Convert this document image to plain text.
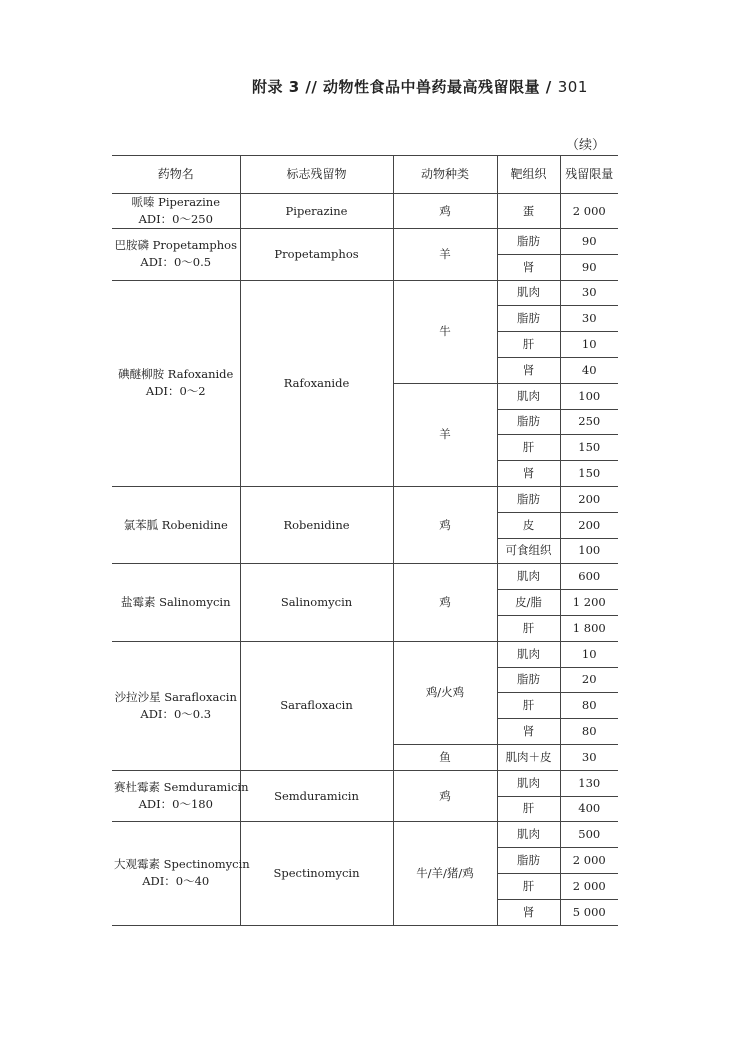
附录 3 // 动物性食品中兽药最高残留限量 / 301
（续）
药物名	标志残留物	动物种类	靶组织	残留限量

哌嗪 Piperazine
ADI：0～250	Piperazine	鸡	蛋	2 000

巴胺磷 Propetamphos
ADI：0～0.5	Propetamphos	羊	脂肪	90
			肾	90

碘醚柳胺 Rafoxanide
ADI：0～2	Rafoxanide	牛	肌肉	30
			脂肪	30
			肝	10
			肾	40
		羊	肌肉	100
			脂肪	250
			肝	150
			肾	150

氯苯胍 Robenidine	Robenidine	鸡	脂肪	200
			皮	200
			可食组织	100

盐霉素 Salinomycin	Salinomycin	鸡	肌肉	600
			皮/脂	1 200
			肝	1 800

沙拉沙星 Sarafloxacin
ADI：0～0.3	Sarafloxacin	鸡/火鸡	肌肉	10
			脂肪	20
			肝	80
			肾	80
		鱼	肌肉＋皮	30

赛杜霉素 Semduramicin
ADI：0～180	Semduramicin	鸡	肌肉	130
			肝	400

大观霉素 Spectinomycin
ADI：0～40	Spectinomycin	牛/羊/猪/鸡	肌肉	500
			脂肪	2 000
			肝	2 000
			肾	5 000
